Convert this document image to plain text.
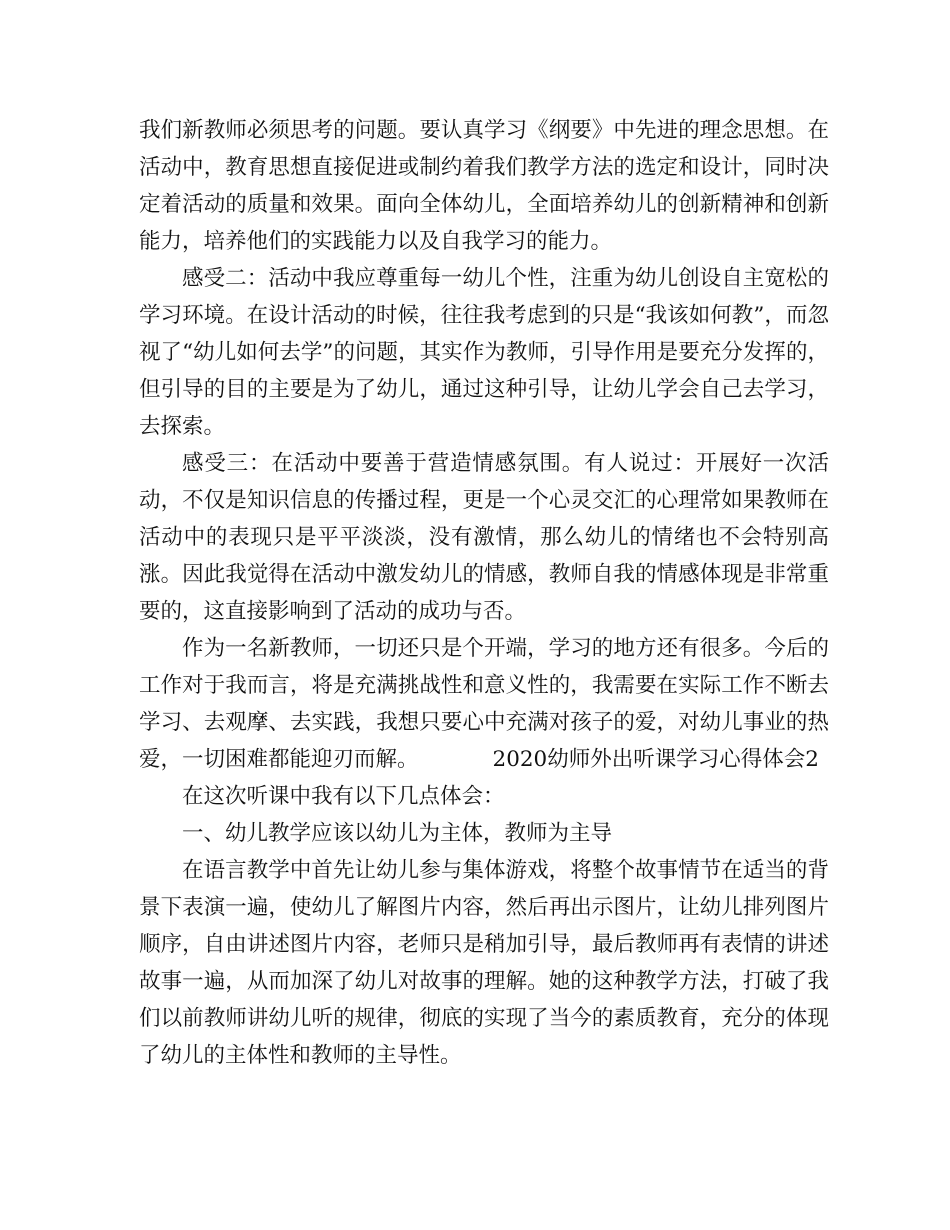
我们新教师必须思考的问题。要认真学习《纲要》中先进的理念思想。在活动中，教育思想直接促进或制约着我们教学方法的选定和设计，同时决定着活动的质量和效果。面向全体幼儿，全面培养幼儿的创新精神和创新能力，培养他们的实践能力以及自我学习的能力。

感受二：活动中我应尊重每一幼儿个性，注重为幼儿创设自主宽松的学习环境。在设计活动的时候，往往我考虑到的只是“我该如何教”，而忽视了“幼儿如何去学”的问题，其实作为教师，引导作用是要充分发挥的，但引导的目的主要是为了幼儿，通过这种引导，让幼儿学会自己去学习，去探索。

感受三：在活动中要善于营造情感氛围。有人说过：开展好一次活动，不仅是知识信息的传播过程，更是一个心灵交汇的心理常如果教师在活动中的表现只是平平淡淡，没有激情，那么幼儿的情绪也不会特别高涨。因此我觉得在活动中激发幼儿的情感，教师自我的情感体现是非常重要的，这直接影响到了活动的成功与否。

作为一名新教师，一切还只是个开端，学习的地方还有很多。今后的工作对于我而言，将是充满挑战性和意义性的，我需要在实际工作不断去学习、去观摩、去实践，我想只要心中充满对孩子的爱，对幼儿事业的热爱，一切困难都能迎刃而解。	2020幼师外出听课学习心得体会2

在这次听课中我有以下几点体会：

一、幼儿教学应该以幼儿为主体，教师为主导

在语言教学中首先让幼儿参与集体游戏，将整个故事情节在适当的背景下表演一遍，使幼儿了解图片内容，然后再出示图片，让幼儿排列图片顺序，自由讲述图片内容，老师只是稍加引导，最后教师再有表情的讲述故事一遍，从而加深了幼儿对故事的理解。她的这种教学方法，打破了我们以前教师讲幼儿听的规律，彻底的实现了当今的素质教育，充分的体现了幼儿的主体性和教师的主导性。
